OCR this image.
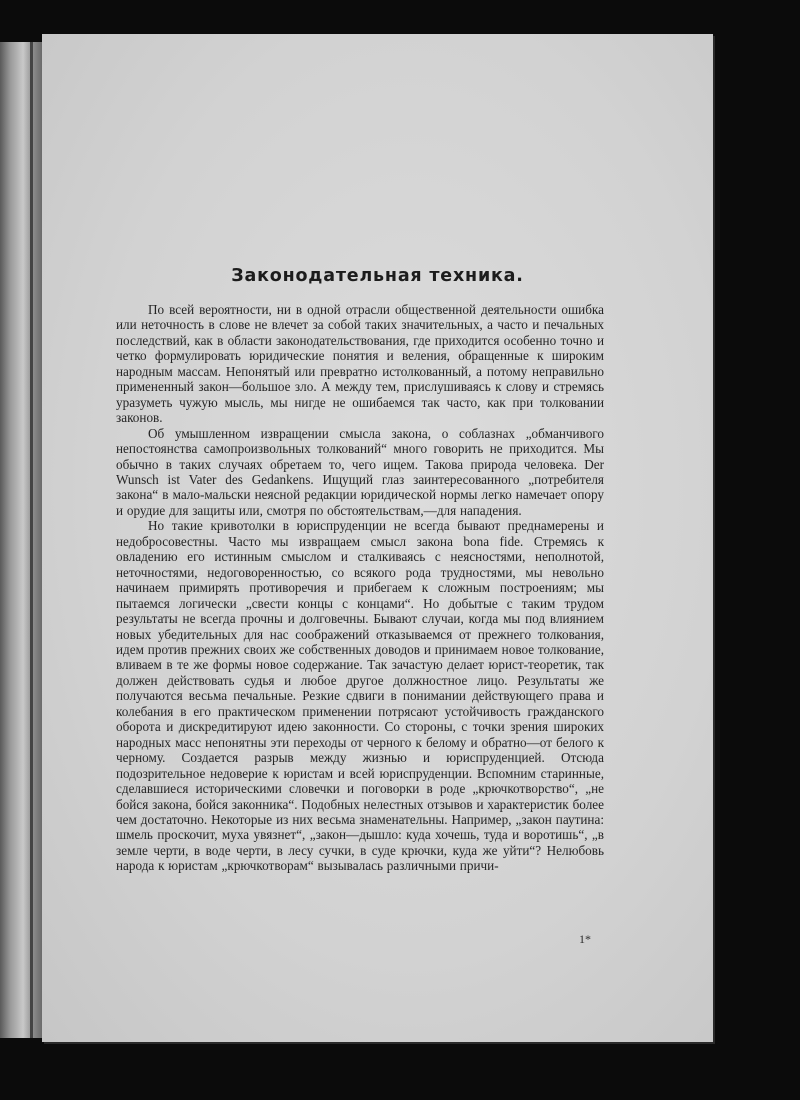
Законодательная техника.

По всей вероятности, ни в одной отрасли общественной деятельности ошибка или неточность в слове не влечет за собой таких значительных, а часто и печальных последствий, как в области законодательствования, где приходится особенно точно и четко формулировать юридические понятия и веления, обращенные к широким народным массам. Непонятый или превратно истолкованный, а потому неправильно примененный закон—большое зло. А между тем, прислушиваясь к слову и стремясь уразуметь чужую мысль, мы нигде не ошибаемся так часто, как при толковании законов.

Об умышленном извращении смысла закона, о соблазнах „обманчивого непостоянства самопроизвольных толкований“ много говорить не приходится. Мы обычно в таких случаях обретаем то, чего ищем. Такова природа человека. Der Wunsch ist Vater des Gedankens. Ищущий глаз заинтересованного „потребителя закона“ в мало-мальски неясной редакции юридической нормы легко намечает опору и орудие для защиты или, смотря по обстоятельствам,—для нападения.

Но такие кривотолки в юриспруденции не всегда бывают преднамерены и недобросовестны. Часто мы извращаем смысл закона bona fide. Стремясь к овладению его истинным смыслом и сталкиваясь с неясностями, неполнотой, неточностями, недоговоренностью, со всякого рода трудностями, мы невольно начинаем примирять противоречия и прибегаем к сложным построениям; мы пытаемся логически „свести концы с концами“. Но добытые с таким трудом результаты не всегда прочны и долговечны. Бывают случаи, когда мы под влиянием новых убедительных для нас соображений отказываемся от прежнего толкования, идем против прежних своих же собственных доводов и принимаем новое толкование, вливаем в те же формы новое содержание. Так зачастую делает юрист-теоретик, так должен действовать судья и любое другое должностное лицо. Результаты же получаются весьма печальные. Резкие сдвиги в понимании действующего права и колебания в его практическом применении потрясают устойчивость гражданского оборота и дискредитируют идею законности. Со стороны, с точки зрения широких народных масс непонятны эти переходы от черного к белому и обратно—от белого к черному. Создается разрыв между жизнью и юриспруденцией. Отсюда подозрительное недоверие к юристам и всей юриспруденции. Вспомним старинные, сделавшиеся историческими словечки и поговорки в роде „крючкотворство“, „не бойся закона, бойся законника“. Подобных нелестных отзывов и характеристик более чем достаточно. Некоторые из них весьма знаменательны. Например, „закон паутина: шмель проскочит, муха увязнет“, „закон—дышло: куда хочешь, туда и воротишь“, „в земле черти, в воде черти, в лесу сучки, в суде крючки, куда же уйти“? Нелюбовь народа к юристам „крючкотворам“ вызывалась различными причи-

1*
